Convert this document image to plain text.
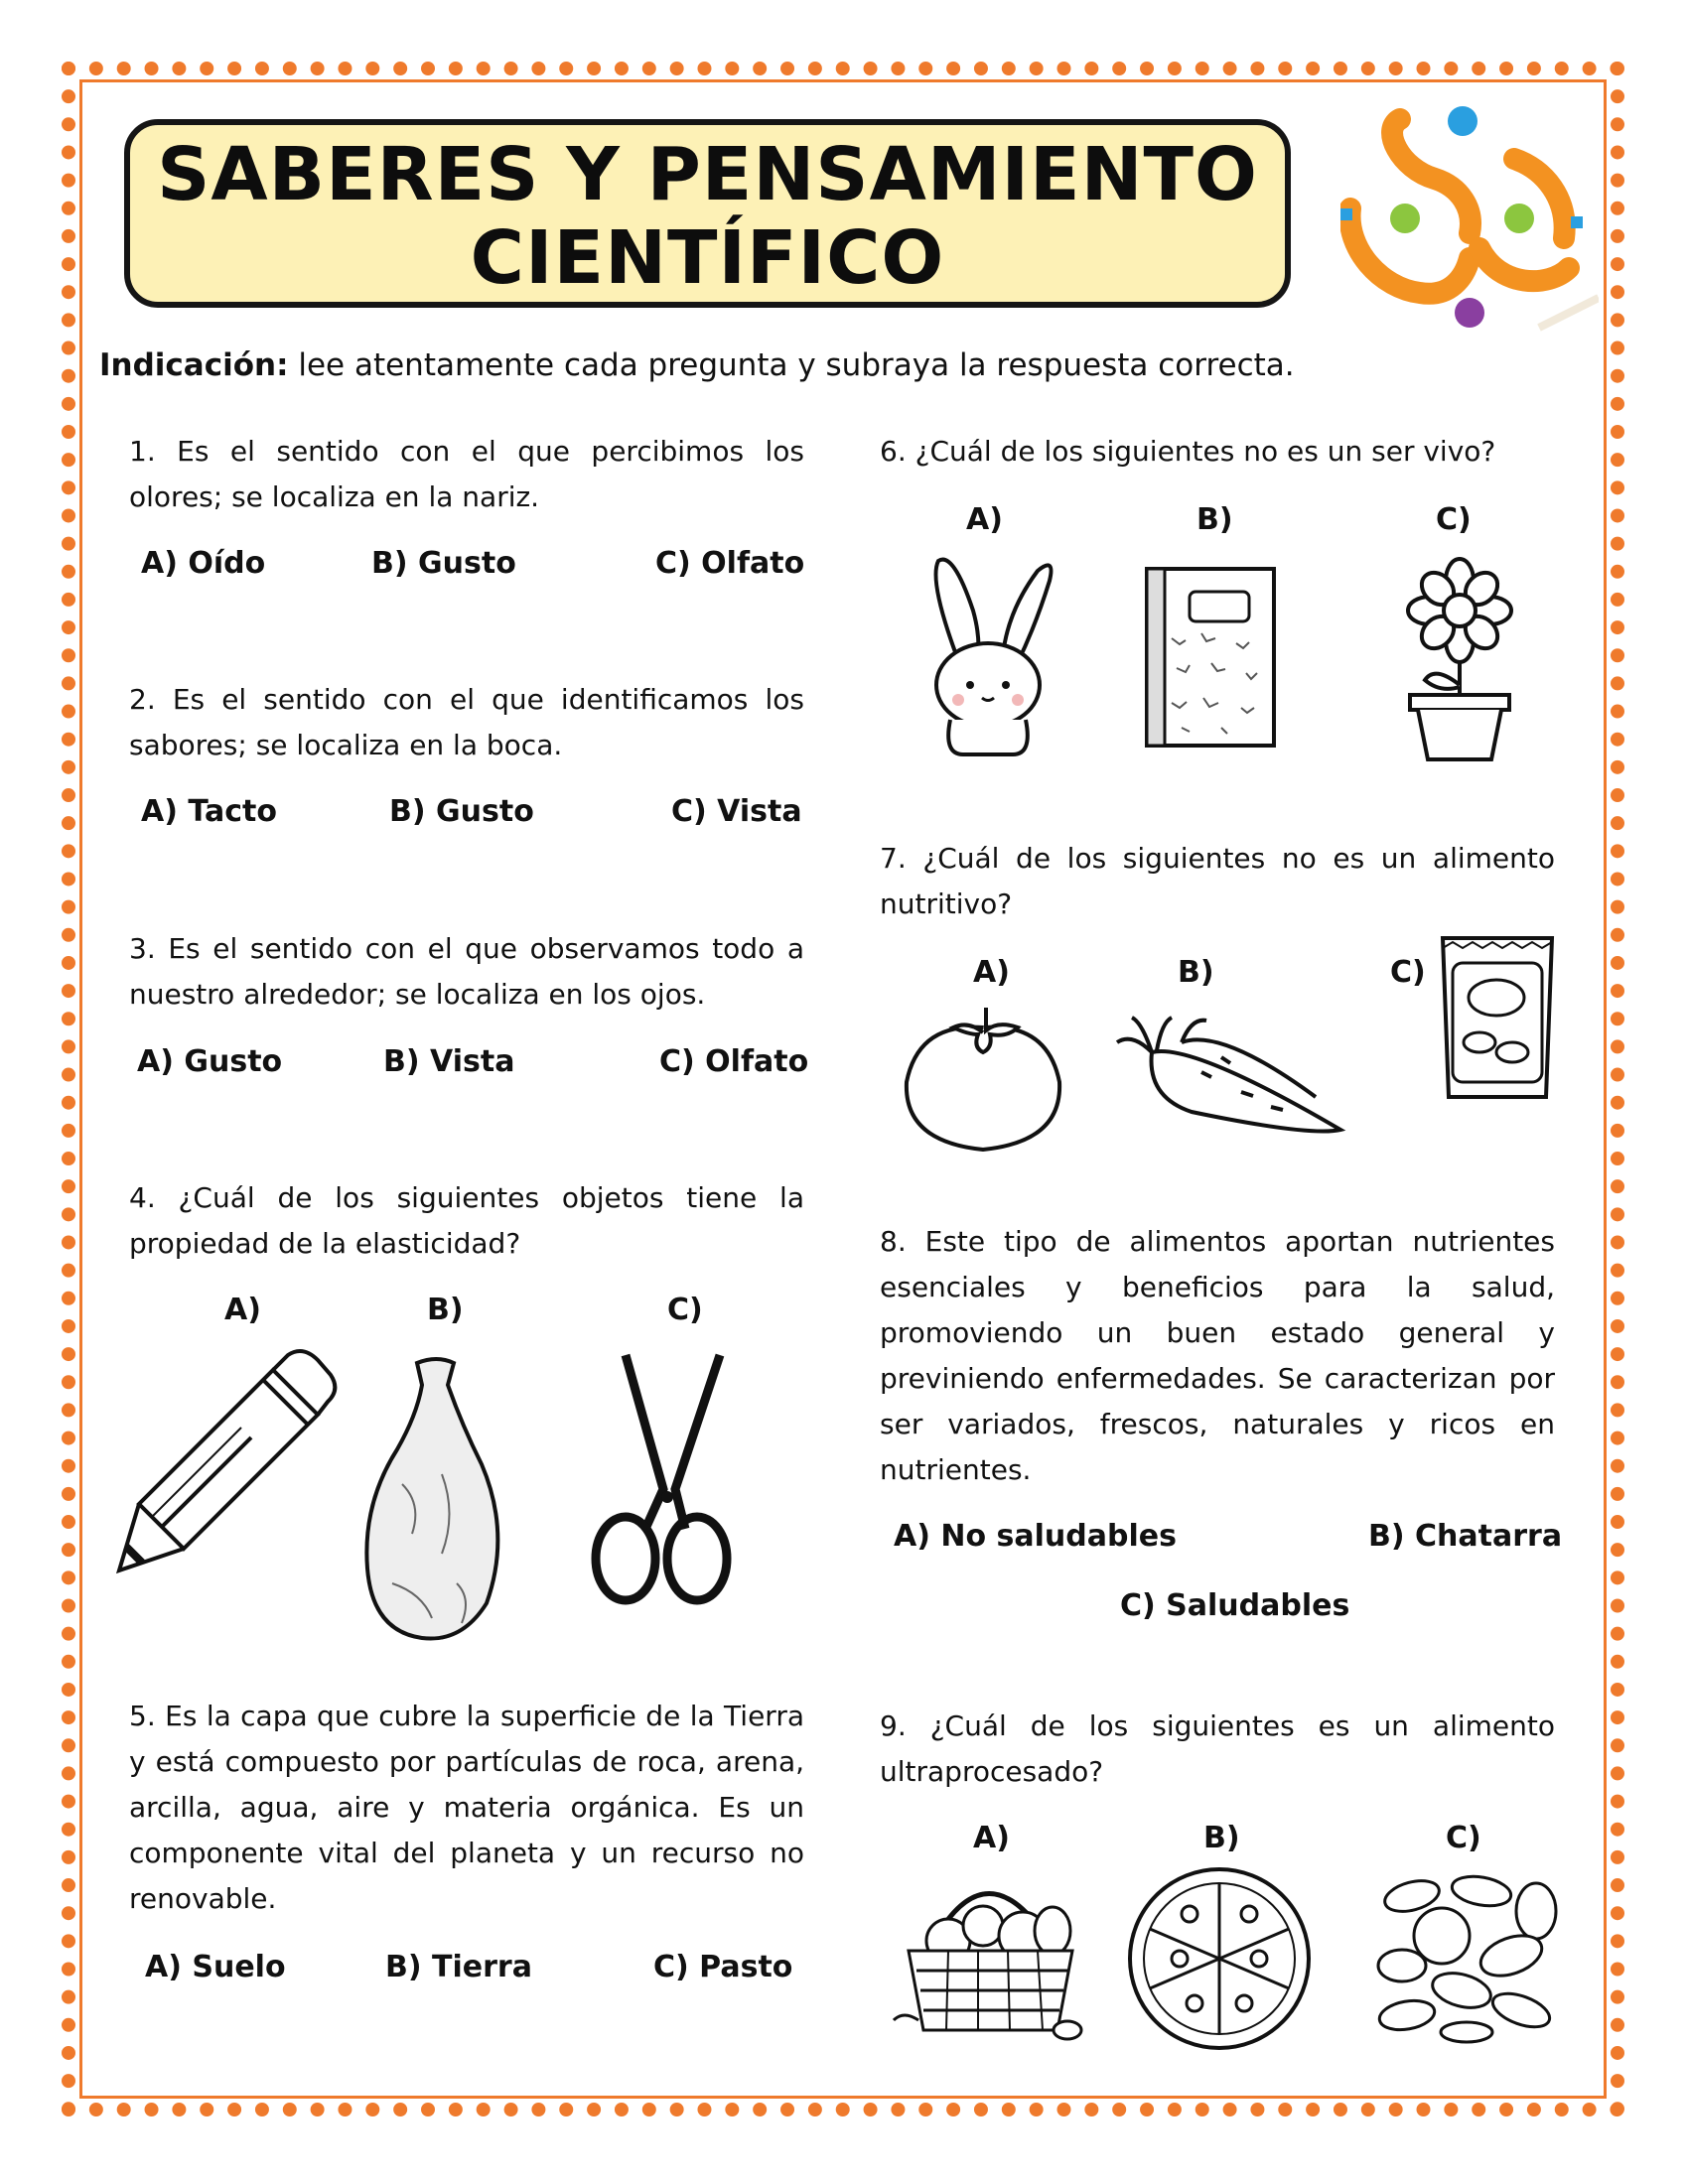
SABERES Y PENSAMIENTO
CIENTÍFICO
Indicación: lee atentamente cada pregunta y subraya la respuesta correcta.
1. Es el sentido con el que percibimos los olores; se localiza en la nariz.
A) Oído	B) Gusto	C) Olfato
2. Es el sentido con el que identificamos los sabores; se localiza en la boca.
A) Tacto	B) Gusto	C) Vista
3. Es el sentido con el que observamos todo a nuestro alrededor; se localiza en los ojos.
A) Gusto	B) Vista	C) Olfato
4. ¿Cuál de los siguientes objetos tiene la propiedad de la elasticidad?
A)	B)	C)
5. Es la capa que cubre la superficie de la Tierra y está compuesto por partículas de roca, arena, arcilla, agua, aire y materia orgánica. Es un componente vital del planeta y un recurso no renovable.
A) Suelo	B) Tierra	C) Pasto
6. ¿Cuál de los siguientes no es un ser vivo?
A)	B)	C)
7. ¿Cuál de los siguientes no es un alimento nutritivo?
A)	B)	C)
8. Este tipo de alimentos aportan nutrientes esenciales y beneficios para la salud, promoviendo un buen estado general y previniendo enfermedades. Se caracterizan por ser variados, frescos, naturales y ricos en nutrientes.
A) No saludables	B) Chatarra
C) Saludables
9. ¿Cuál de los siguientes es un alimento ultraprocesado?
A)	B)	C)
